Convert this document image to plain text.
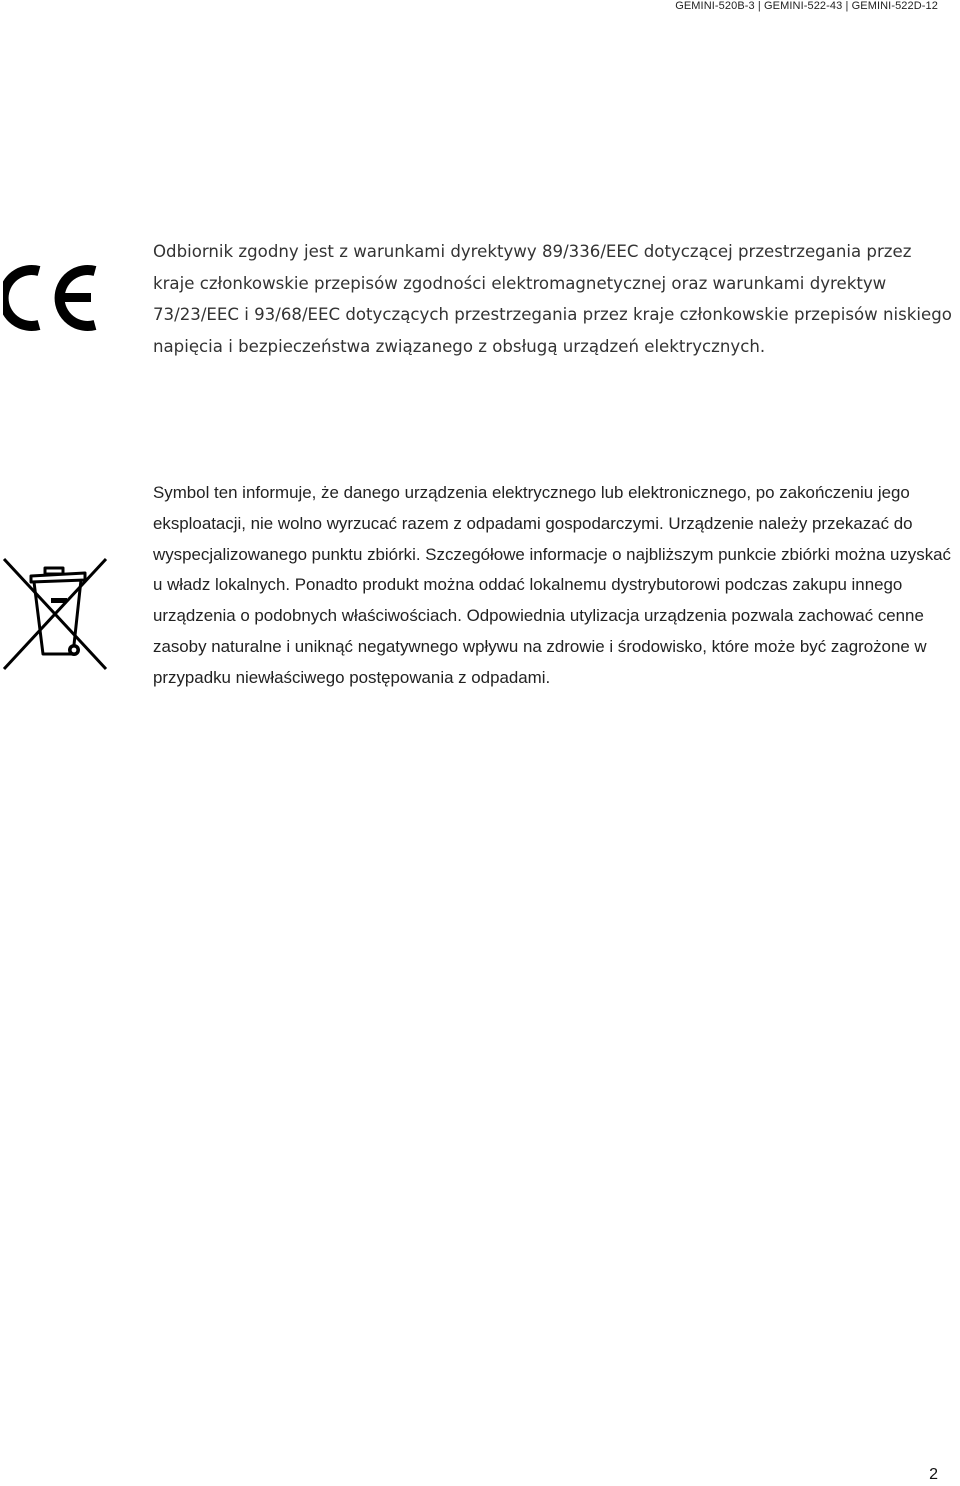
GEMINI-520B-3 | GEMINI-522-43 | GEMINI-522D-12

Odbiornik zgodny jest z warunkami dyrektywy 89/336/EEC dotyczącej przestrzegania przez kraje członkowskie przepisów zgodności elektromagnetycznej oraz warunkami dyrektyw 73/23/EEC i 93/68/EEC dotyczących przestrzegania przez kraje członkowskie przepisów niskiego napięcia i bezpieczeństwa związanego z obsługą urządzeń elektrycznych.

Symbol ten informuje, że danego urządzenia elektrycznego lub elektronicznego, po zakończeniu jego eksploatacji, nie wolno wyrzucać razem z odpadami gospodarczymi. Urządzenie należy przekazać do wyspecjalizowanego punktu zbiórki. Szczegółowe informacje o najbliższym punkcie zbiórki można uzyskać u władz lokalnych. Ponadto produkt można oddać lokalnemu dystrybutorowi podczas zakupu innego urządzenia o podobnych właściwościach. Odpowiednia utylizacja urządzenia pozwala zachować cenne zasoby naturalne i uniknąć negatywnego wpływu na zdrowie i środowisko, które może być zagrożone w przypadku niewłaściwego postępowania z odpadami.

2
